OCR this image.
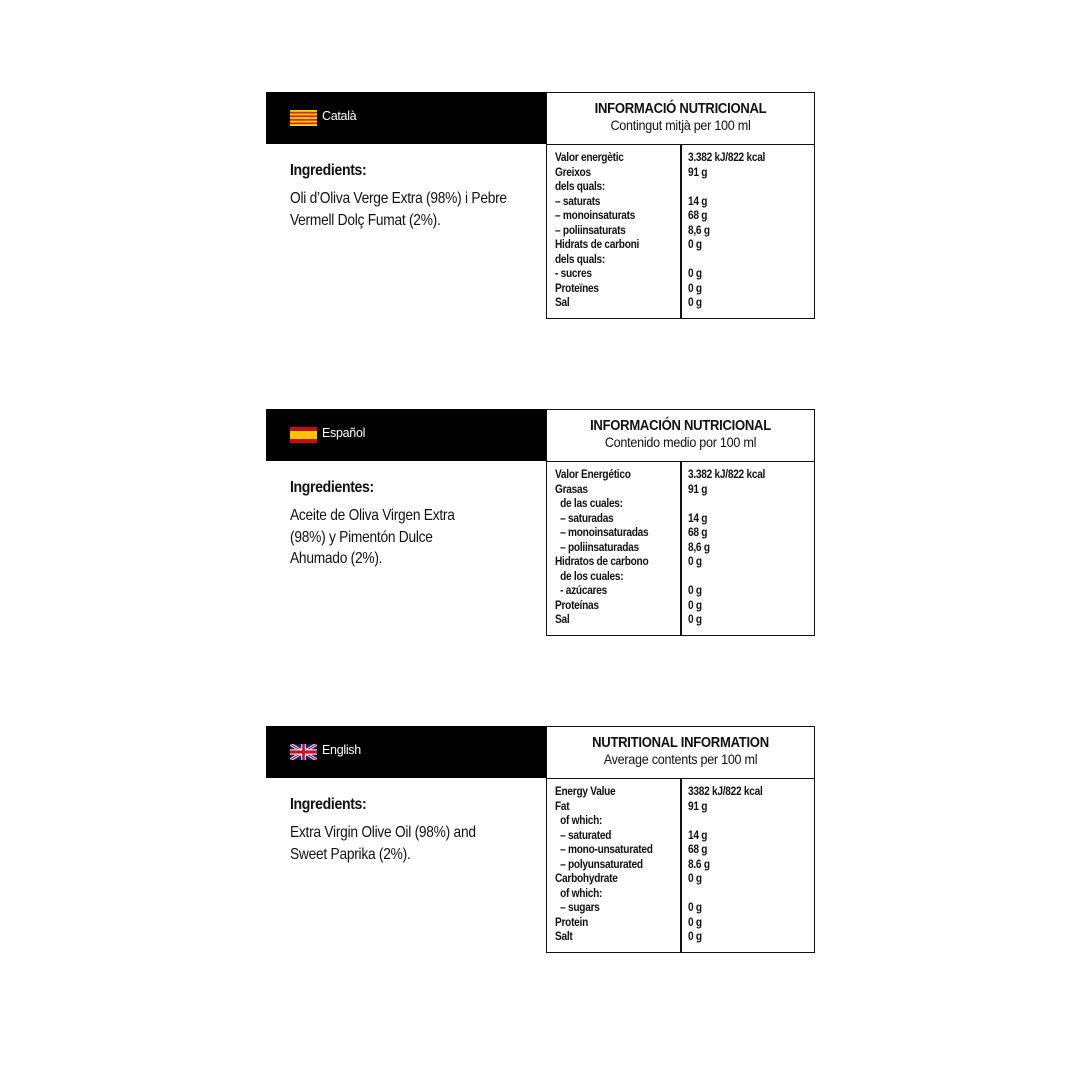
Català
Ingredients:
Oli d’Oliva Verge Extra (98%) i Pebre Vermell Dolç Fumat (2%).
INFORMACIÓ NUTRICIONAL
Contingut mitjà per 100 ml
Valor energètic	3.382 kJ/822 kcal
Greixos	91 g
dels quals:
– saturats	14 g
– monoinsaturats	68 g
– poliinsaturats	8,6 g
Hidrats de carboni	0 g
dels quals:
- sucres	0 g
Proteïnes	0 g
Sal	0 g
Español
Ingredientes:
Aceite de Oliva Virgen Extra (98%) y Pimentón Dulce Ahumado (2%).
INFORMACIÓN NUTRICIONAL
Contenido medio por 100 ml
Valor Energético	3.382 kJ/822 kcal
Grasas	91 g
de las cuales:
– saturadas	14 g
– monoinsaturadas	68 g
– poliinsaturadas	8,6 g
Hidratos de carbono	0 g
de los cuales:
- azúcares	0 g
Proteínas	0 g
Sal	0 g
English
Ingredients:
Extra Virgin Olive Oil (98%) and Sweet Paprika (2%).
NUTRITIONAL INFORMATION
Average contents per 100 ml
Energy Value	3382 kJ/822 kcal
Fat	91 g
of which:
– saturated	14 g
– mono-unsaturated	68 g
– polyunsaturated	8.6 g
Carbohydrate	0 g
of which:
– sugars	0 g
Protein	0 g
Salt	0 g
